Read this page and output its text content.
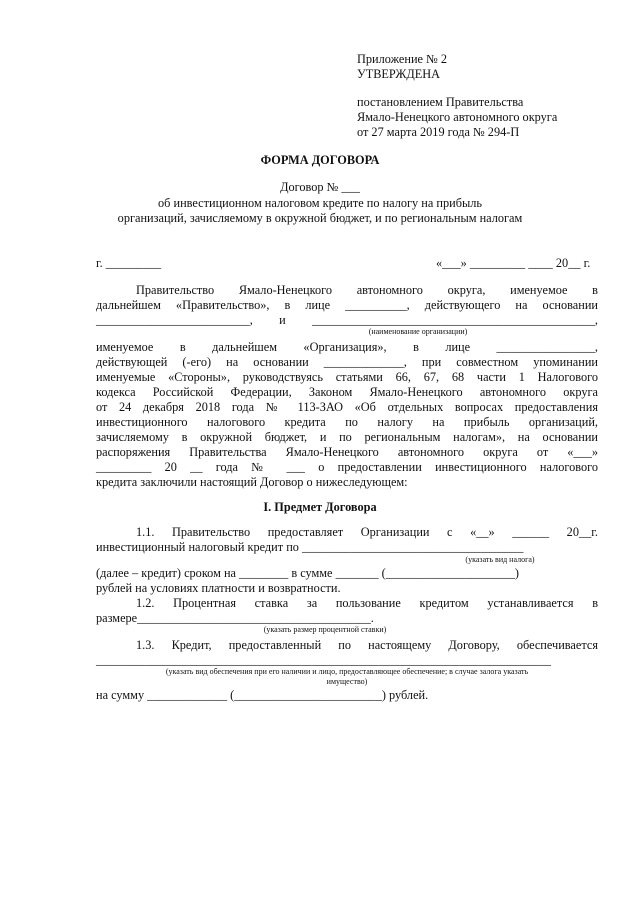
Приложение № 2
УТВЕРЖДЕНА
постановлением Правительства
Ямало-Ненецкого автономного округа
от 27 марта 2019 года № 294-П
ФОРМА ДОГОВОРА
Договор № ___
об инвестиционном налоговом кредите по налогу на прибыль
организаций, зачисляемому в окружной бюджет, и по региональным налогам
г. _________	«___» _________ ____ 20__ г.
Правительство Ямало-Ненецкого автономного округа, именуемое в
дальнейшем «Правительство», в лице __________, действующего на основании
_________________________, и ______________________________________________,
(наименование организации)
именуемое в дальнейшем «Организация», в лице ________________,
действующей (-его) на основании _____________, при совместном упоминании
именуемые «Стороны», руководствуясь статьями 66, 67, 68 части 1 Налогового
кодекса Российской Федерации, Законом Ямало-Ненецкого автономного округа
от 24 декабря 2018 года № 113-ЗАО «Об отдельных вопросах предоставления
инвестиционного налогового кредита по налогу на прибыль организаций,
зачисляемому в окружной бюджет, и по региональным налогам», на основании
распоряжения Правительства Ямало-Ненецкого автономного округа от «___»
_________ 20 __ года № ___ о предоставлении инвестиционного налогового
кредита заключили настоящий Договор о нижеследующем:
I. Предмет Договора
1.1. Правительство предоставляет Организации с «__» ______ 20__г.
инвестиционный налоговый кредит по ____________________________________
(указать вид налога)
(далее – кредит) сроком на ________ в сумме _______ (_____________________)
рублей на условиях платности и возвратности.
1.2. Процентная ставка за пользование кредитом устанавливается в
размере______________________________________.
(указать размер процентной ставки)
1.3. Кредит, предоставленный по настоящему Договору, обеспечивается
__________________________________________________________________________
(указать вид обеспечения при его наличии и лицо, предоставляющее обеспечение; в случае залога указать
имущество)
на сумму _____________ (________________________) рублей.
